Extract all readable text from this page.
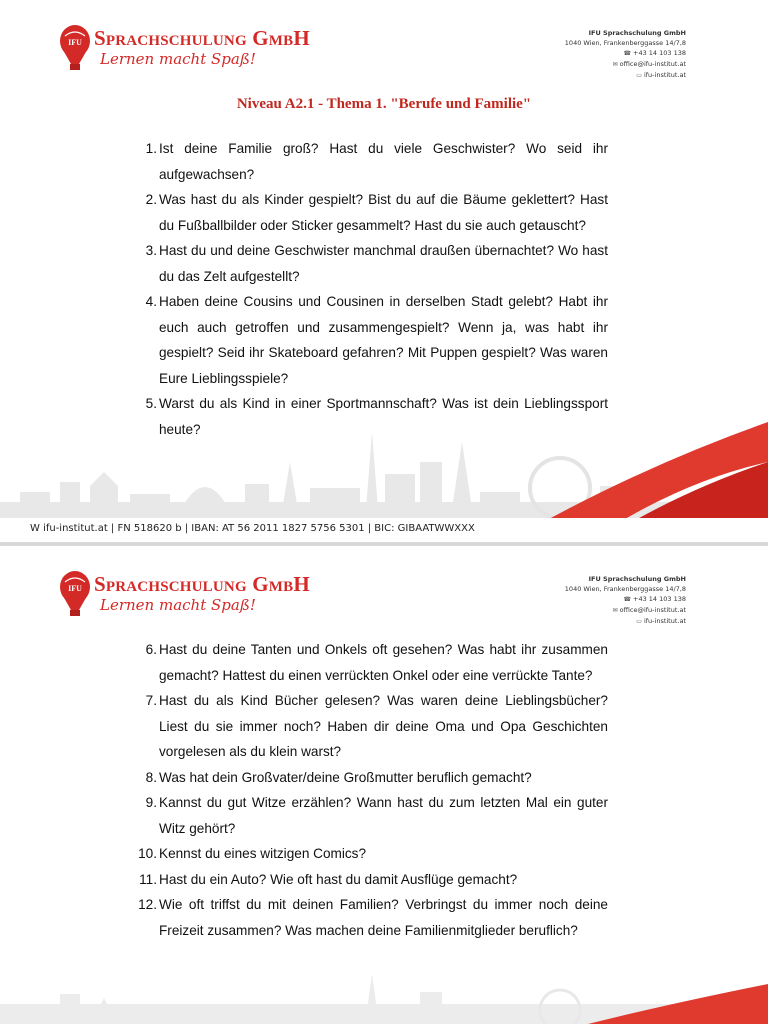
IFU Sprachschulung GmbH
Lernen macht Spaß!
IFU Sprachschulung GmbH
1040 Wien, Frankenberggasse 14/7,8
☎ +43 14 103 138
✉ office@ifu-institut.at
▭ ifu-institut.at
Niveau A2.1 - Thema 1. "Berufe und Familie"
1. Ist deine Familie groß? Hast du viele Geschwister? Wo seid ihr aufgewachsen?
2. Was hast du als Kinder gespielt? Bist du auf die Bäume geklettert? Hast du Fußballbilder oder Sticker gesammelt? Hast du sie auch getauscht?
3. Hast du und deine Geschwister manchmal draußen übernachtet? Wo hast du das Zelt aufgestellt?
4. Haben deine Cousins und Cousinen in derselben Stadt gelebt? Habt ihr euch auch getroffen und zusammengespielt? Wenn ja, was habt ihr gespielt? Seid ihr Skateboard gefahren? Mit Puppen gespielt? Was waren Eure Lieblingsspiele?
5. Warst du als Kind in einer Sportmannschaft? Was ist dein Lieblingssport heute?
W ifu-institut.at | FN 518620 b | IBAN: AT 56 2011 1827 5756 5301 | BIC: GIBAATWWXXX
IFU Sprachschulung GmbH
Lernen macht Spaß!
IFU Sprachschulung GmbH
1040 Wien, Frankenberggasse 14/7,8
☎ +43 14 103 138
✉ office@ifu-institut.at
▭ ifu-institut.at
6. Hast du deine Tanten und Onkels oft gesehen? Was habt ihr zusammen gemacht? Hattest du einen verrückten Onkel oder eine verrückte Tante?
7. Hast du als Kind Bücher gelesen? Was waren deine Lieblingsbücher? Liest du sie immer noch? Haben dir deine Oma und Opa Geschichten vorgelesen als du klein warst?
8. Was hat dein Großvater/deine Großmutter beruflich gemacht?
9. Kannst du gut Witze erzählen? Wann hast du zum letzten Mal ein guter Witz gehört?
10. Kennst du eines witzigen Comics?
11. Hast du ein Auto? Wie oft hast du damit Ausflüge gemacht?
12. Wie oft triffst du mit deinen Familien? Verbringst du immer noch deine Freizeit zusammen? Was machen deine Familienmitglieder beruflich?
